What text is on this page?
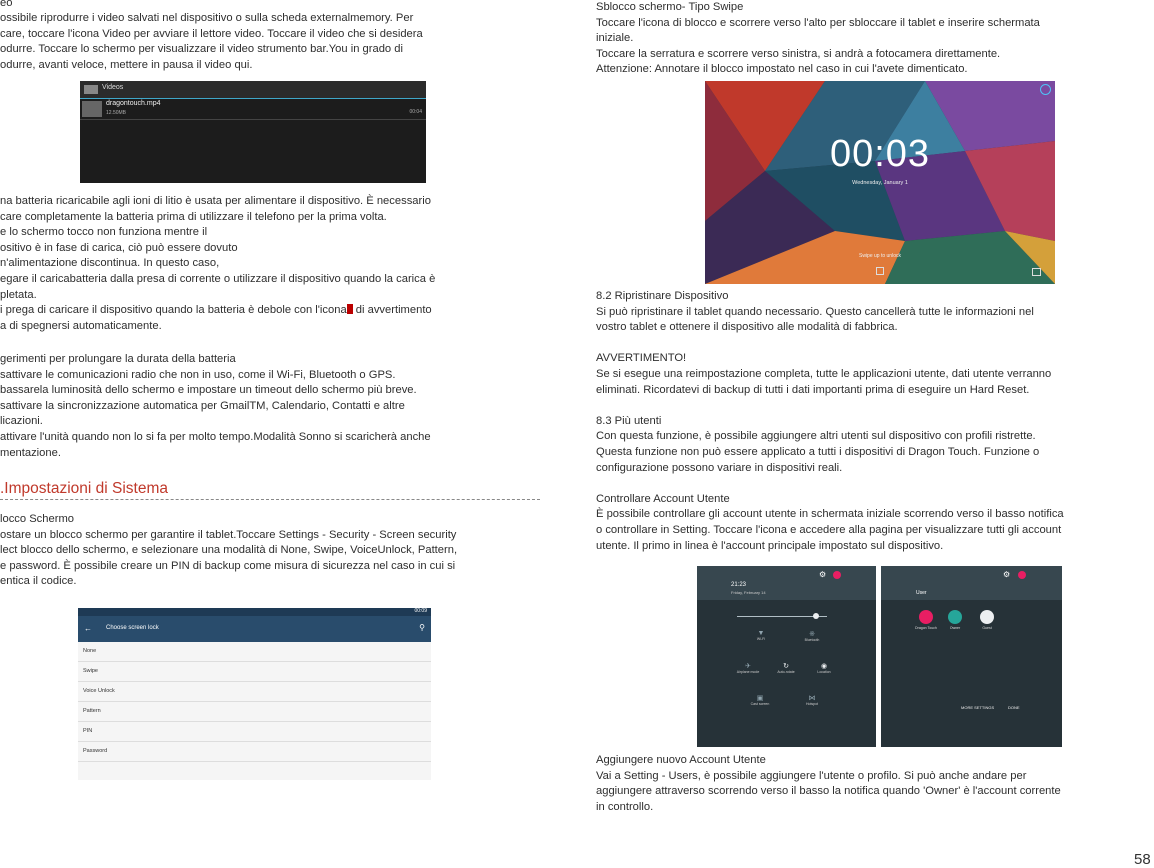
eo
ossibile riprodurre i video salvati nel dispositivo o sulla scheda externalmemory. Per
care, toccare l'icona Video per avviare il lettore video. Toccare il video che si desidera
odurre. Toccare lo schermo per visualizzare il video strumento bar.You in grado di
odurre, avanti veloce, mettere in pausa il video qui.
Videos
dragontouch.mp4
12.50MB	00:04
na batteria ricaricabile agli ioni di litio è usata per alimentare il dispositivo. È necessario
care completamente la batteria prima di utilizzare il telefono per la prima volta.
e lo schermo tocco non funziona mentre il
ositivo è in fase di carica, ciò può essere dovuto
n'alimentazione discontinua. In questo caso,
egare il caricabatteria dalla presa di corrente o utilizzare il dispositivo quando la carica è
pletata.
i prega di caricare il dispositivo quando la batteria è debole con l'icona di avvertimento
a di spegnersi automaticamente.
gerimenti per prolungare la durata della batteria
sattivare le comunicazioni radio che non in uso, come il Wi-Fi, Bluetooth o GPS.
bassarela luminosità dello schermo e impostare un timeout dello schermo più breve.
sattivare la sincronizzazione automatica per GmailTM, Calendario, Contatti e altre
licazioni.
attivare l'unità quando non lo si fa per molto tempo.Modalità Sonno si scaricherà anche
mentazione.
.Impostazioni di Sistema
locco Schermo
ostare un blocco schermo per garantire il tablet.Toccare Settings - Security - Screen security
lect blocco dello schermo, e selezionare una modalità di None, Swipe, VoiceUnlock, Pattern,
e password. È possibile creare un PIN di backup come misura di sicurezza nel caso in cui si
entica il codice.
00:09
← Choose screen lock	⚲
None
Swipe
Voice Unlock
Pattern
PIN
Password
Sblocco schermo- Tipo Swipe
Toccare l'icona di blocco e scorrere verso l'alto per sbloccare il tablet e inserire schermata
iniziale.
Toccare la serratura e scorrere verso sinistra, si andrà a fotocamera direttamente.
Attenzione: Annotare il blocco impostato nel caso in cui l'avete dimenticato.
00:03
Wednesday, January 1
Swipe up to unlock
8.2 Ripristinare Dispositivo
Si può ripristinare il tablet quando necessario. Questo cancellerà tutte le informazioni nel
vostro tablet e ottenere il dispositivo alle modalità di fabbrica.
AVVERTIMENTO!
Se si esegue una reimpostazione completa, tutte le applicazioni utente, dati utente verranno
eliminati. Ricordatevi di backup di tutti i dati importanti prima di eseguire un Hard Reset.
8.3 Più utenti
Con questa funzione, è possibile aggiungere altri utenti sul dispositivo con profili ristrette.
Questa funzione non può essere applicato a tutti i dispositivi di Dragon Touch. Funzione o
configurazione possono variare in dispositivi reali.
Controllare Account Utente
È possibile controllare gli account utente in schermata iniziale scorrendo verso il basso notifica
o controllare in Setting. Toccare l'icona e accedere alla pagina per visualizzare tutti gli account
utente. Il primo in linea è l'account principale impostato sul dispositivo.
21:23
Friday, February 14
⚙
▼
Wi-Fi
※
Bluetooth
✈
Airplane mode
↻
Auto-rotate
◉
Location
▣
Cast screen
⋈
Hotspot
User
⚙
Dragon Touch	Owner	Guest
MORE SETTINGS	DONE
Aggiungere nuovo Account Utente
Vai a Setting - Users, è possibile aggiungere l'utente o profilo. Si può anche andare per
aggiungere attraverso scorrendo verso il basso la notifica quando 'Owner' è l'account corrente
in controllo.
58
